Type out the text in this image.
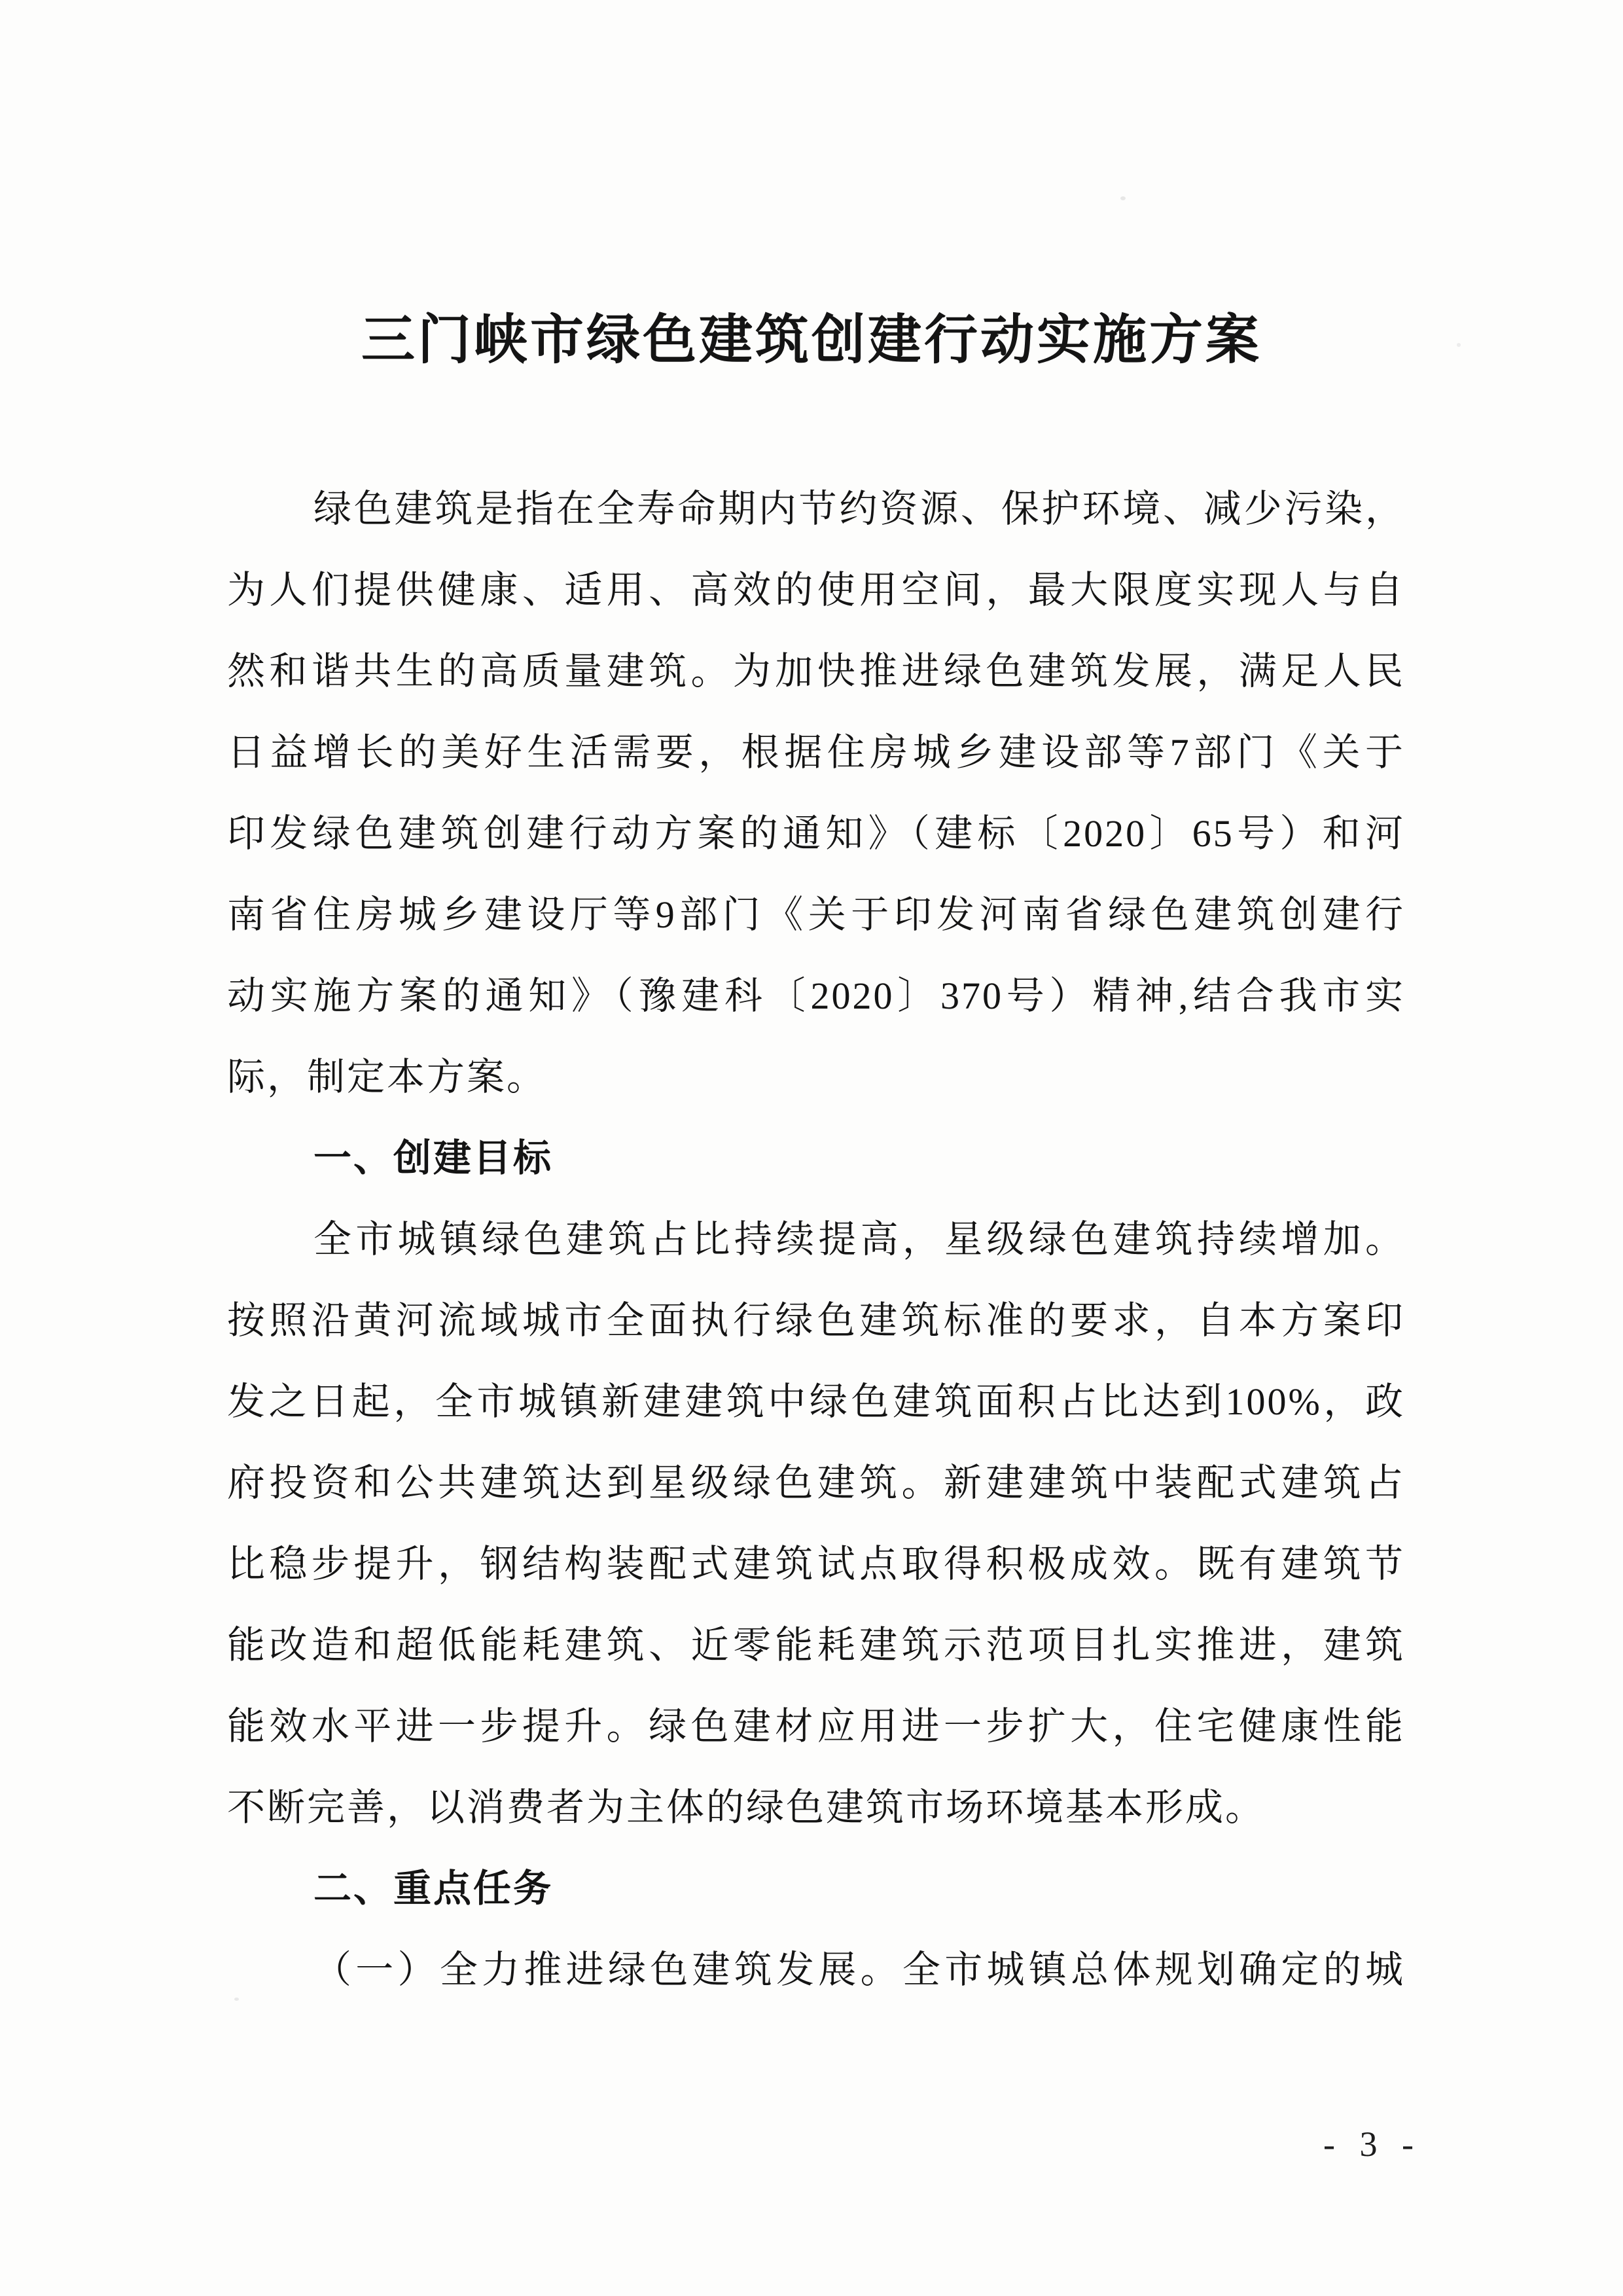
三门峡市绿色建筑创建行动实施方案
绿色建筑是指在全寿命期内节约资源、保护环境、减少污染，
为人们提供健康、适用、高效的使用空间，最大限度实现人与自
然和谐共生的高质量建筑。为加快推进绿色建筑发展，满足人民
日益增长的美好生活需要，根据住房城乡建设部等7部门《关于
印发绿色建筑创建行动方案的通知》（建标〔2020〕65号）和河
南省住房城乡建设厅等9部门《关于印发河南省绿色建筑创建行
动实施方案的通知》（豫建科〔2020〕370号）精神,结合我市实
际，制定本方案。
一、创建目标
全市城镇绿色建筑占比持续提高，星级绿色建筑持续增加。
按照沿黄河流域城市全面执行绿色建筑标准的要求，自本方案印
发之日起，全市城镇新建建筑中绿色建筑面积占比达到100%，政
府投资和公共建筑达到星级绿色建筑。新建建筑中装配式建筑占
比稳步提升，钢结构装配式建筑试点取得积极成效。既有建筑节
能改造和超低能耗建筑、近零能耗建筑示范项目扎实推进，建筑
能效水平进一步提升。绿色建材应用进一步扩大，住宅健康性能
不断完善，以消费者为主体的绿色建筑市场环境基本形成。
二、重点任务
（一）全力推进绿色建筑发展。全市城镇总体规划确定的城
- 3 -
